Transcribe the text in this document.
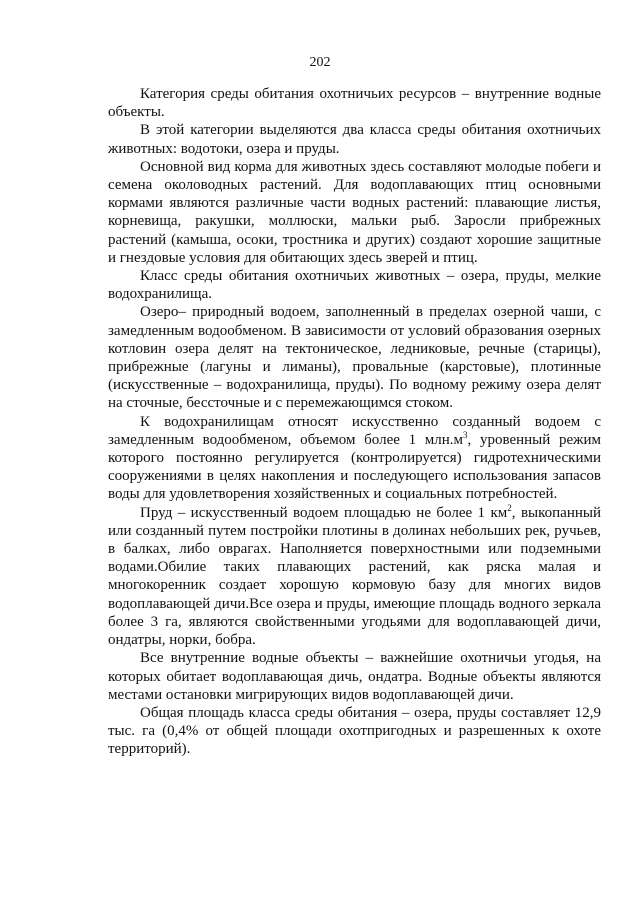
202

Категория среды обитания охотничьих ресурсов – внутренние водные объекты.

В этой категории выделяются два класса среды обитания охотничьих животных: водотоки, озера и пруды.

Основной вид корма для животных здесь составляют молодые побеги и семена околоводных растений. Для водоплавающих птиц основными кормами являются различные части водных растений: плавающие листья, корневища, ракушки, моллюски, мальки рыб. Заросли прибрежных растений (камыша, осоки, тростника и других) создают хорошие защитные и гнездовые условия для обитающих здесь зверей и птиц.

Класс среды обитания охотничьих животных – озера, пруды, мелкие водохранилища.

Озеро– природный водоем, заполненный в пределах озерной чаши, с замедленным водообменом. В зависимости от условий образования озерных котловин озера делят на тектоническое, ледниковые, речные (старицы), прибрежные (лагуны и лиманы), провальные (карстовые), плотинные (искусственные – водохранилища, пруды). По водному режиму озера делят на сточные, бессточные и с перемежающимся стоком.

К водохранилищам относят искусственно созданный водоем с замедленным водообменом, объемом более 1 $млн.м^3$, уровенный режим которого постоянно регулируется (контролируется) гидротехническими сооружениями в целях накопления и последующего использования запасов воды для удовлетворения хозяйственных и социальных потребностей.

Пруд – искусственный водоем площадью не более 1 $км^2$, выкопанный или созданный путем постройки плотины в долинах небольших рек, ручьев, в балках, либо оврагах. Наполняется поверхностными или подземными водами.Обилие таких плавающих растений, как ряска малая и многокоренник создает хорошую кормовую базу для многих видов водоплавающей дичи.Все озера и пруды, имеющие площадь водного зеркала более 3 га, являются свойственными угодьями для водоплавающей дичи, ондатры, норки, бобра.

Все внутренние водные объекты – важнейшие охотничьи угодья, на которых обитает водоплавающая дичь, ондатра. Водные объекты являются местами остановки мигрирующих видов водоплавающей дичи.

Общая площадь класса среды обитания – озера, пруды составляет 12,9 тыс. га (0,4% от общей площади охотпригодных и разрешенных к охоте территорий).
